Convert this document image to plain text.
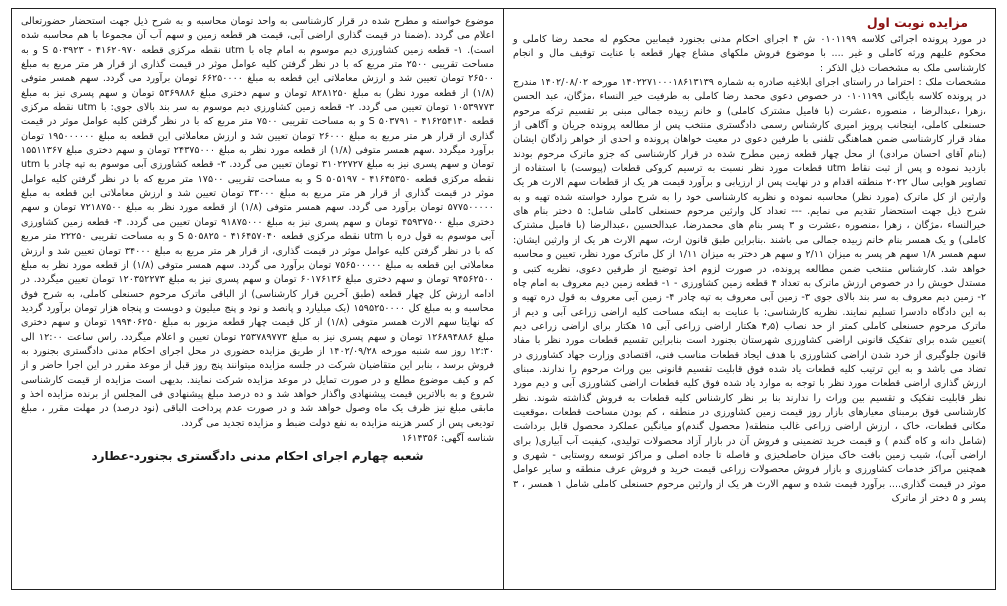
مزایده نوبت اول

در مورد پرونده اجرائی کلاسه ۰۱۰۱۱۹۹ ش ۴ اجرای احکام مدنی بجنورد فیمابین محکوم له محمد رضا کاملی و محکوم علیهم ورثه کاملی و غیر .... با موضوع فروش ملکهای مشاع چهار قطعه با عنایت توقیف مال و انجام کارشناسی ملک به مشخصات ذیل الذکر :

مشخصات ملک : احتراما در راستای اجرای ابلاغیه صادره به شماره ۱۴۰۲۲۷۱۰۰۰۱۸۶۱۳۱۳۹ مورخه ۱۴۰۲/۰۸/۰۲ مندرج در پرونده کلاسه بایگانی ۰۱۰۱۱۹۹ در خصوص دعوی محمد رضا کاملی به طرفیت خیر النساء ،مژگان، عبد الحسن ،زهرا ،عبدالرضا ، منصوره ،عشرت (با فامیل مشترک کاملی) و خانم زبیده جمالی مبنی بر تقسیم ترکه مرحوم حسنعلی کاملی، اینجانب پرویز امیری کارشناس رسمی دادگستری منتخب پس از مطالعه پرونده جریان و آگاهی از مفاد قرار کارشناسی ضمن هماهنگی تلفنی با طرفین دعوی در معیت خواهان پرونده و احدی از خواهر زادگان ایشان (بنام آقای احسان مرادی) از محل چهار قطعه زمین مطرح شده در قرار کارشناسی که جزو ماترک مرحوم بودند بازدید نموده و پس از ثبت نقاط utm قطعات مورد نظر نسبت به ترسیم کروکی قطعات (پیوست) با استفاده از تصاویر هوایی سال ۲۰۲۲ منطقه اقدام و در نهایت پس از ارزیابی و برآورد قیمت هر یک از قطعات سهم الارث هر یک وارثین از کل ماترک (مورد نظر) محاسبه نموده و نظریه کارشناسی خود را به شرح موارد خواسته شده تهیه و به شرح ذیل جهت استحضار تقدیم می نمایم. --- تعداد کل وارثین مرحوم حسنعلی کاملی شامل: ۵ دختر بنام های خیرالنساء ،مژگان ، زهرا ،منصوره ،عشرت و ۳ پسر بنام های محمدرضا، عبدالحسین ،عبدالرضا (با فامیل مشترک کاملی) و یک همسر بنام خانم زبیده جمالی می باشند .بنابراین طبق قانون ارث، سهم الارث هر یک از وارثین ایشان: سهم همسر ۱/۸ سهم هر پسر به میزان ۲/۱۱ و سهم هر دختر به میزان ۱/۱۱ از کل ماترک مورد نظر، تعیین و محاسبه خواهد شد. کارشناس منتخب ضمن مطالعه پرونده، در صورت لزوم اخذ توضیح از طرفین دعوی، نظریه کتبی و مستدل خویش را در خصوص ارزش ماترک به تعداد ۴ قطعه زمین کشاورزی - ۱- قطعه زمین دیم معروف به امام چاه ۲- زمین دیم معروف به سر بند بالای جوی ۳- زمین آبی معروف به تپه چادر ۴- زمین آبی معروف به قول دره تهیه و به این دادگاه دادسرا تسلیم نمایند. نظریه کارشناسی: با عنایت به اینکه مساحت کلیه اراضی زراعی آبی و دیم از ماترک مرحوم حسنعلی کاملی کمتر از حد نصاب (۴٫۵ هکتار اراضی زراعی آبی ۱۵ هکتار برای اراضی زراعی دیم )تعیین شده برای تفکیک قانونی اراضی کشاورزی شهرستان بجنورد است بنابراین تقسیم قطعات مورد نظر با مفاد قانون جلوگیری از خرد شدن اراضی کشاورزی با هدف ایجاد قطعات مناسب فنی، اقتصادی وزارت جهاد کشاورزی در تضاد می باشد و به این ترتیب کلیه قطعات یاد شده فوق قابلیت تقسیم قانونی بین وراث مرحوم را ندارند. مبنای ارزش گذاری اراضی قطعات مورد نظر با توجه به موارد یاد شده فوق کلیه قطعات اراضی کشاورزی آبی و دیم مورد نظر قابلیت تفکیک و تقسیم بین وراث را ندارند بنا بر نظر کارشناس کلیه قطعات به فروش گذاشته شوند. نظر کارشناسی فوق برمبنای معیارهای بازار روز قیمت زمین کشاورزی در منطقه ، کم بودن مساحت قطعات ،موقعیت مکانی قطعات، خاک ، ارزش اراضی زراعی غالب منطقه( محصول گندم)و میانگین عملکرد محصول قابل برداشت (شامل دانه و کاه گندم ) و قیمت خرید تضمینی و فروش آن در بازار آزاد محصولات تولیدی، کیفیت آب آبیاری( برای اراضی آبی)، شیب زمین بافت خاک میزان حاصلخیزی و فاصله تا جاده اصلی و مراکز توسعه روستایی - شهری و همچنین مراکز خدمات کشاورزی و بازار فروش محصولات زراعی قیمت خرید و فروش عرف منطقه و سایر عوامل موثر در قیمت گذاری.... برآورد قیمت شده و سهم الارث هر یک از وارثین مرحوم حسنعلی کاملی شامل ۱ همسر ، ۳ پسر و ۵ دختر از ماترک

موضوع خواسته و مطرح شده در قرار کارشناسی به واحد تومان محاسبه و به شرح ذیل جهت استحضار حضورتعالی اعلام می گردد .(ضمنا در قیمت گذاری اراضی آبی، قیمت هر قطعه زمین و سهم آب آن مجموعا با هم محاسبه شده است). ۱- قطعه زمین کشاورزی دیم موسوم به امام چاه با utm نقطه مرکزی قطعه ۴۱۶۲۰۹۷۰ - ۵۰۳۹۲۳ S و به مساحت تقریبی ۲۵۰۰ متر مربع که با در نظر گرفتن کلیه عوامل موثر در قیمت گذاری از قرار هر متر مربع به مبلغ ۲۶۵۰۰ تومان تعیین شد و ارزش معاملاتی این قطعه به مبلغ ۶۶۲۵۰۰۰۰ تومان برآورد می گردد. سهم همسر متوفی (۱/۸) از قطعه مورد نظر) به مبلغ ۸۲۸۱۲۵۰ تومان و سهم دختری مبلغ ۵۳۶۹۸۸۶ تومان و سهم پسری نیز به مبلغ ۱۰۵۳۹۷۷۳ تومان تعیین می گردد. ۲- قطعه زمین کشاورزی دیم موسوم به سر بند بالای جوی: با utm نقطه مرکزی قطعه ۴۱۶۲۵۴۱۴۰ - ۵۰۳۷۹۱ S و به مساحت تقریبی ۷۵۰۰ متر مربع که با در نظر گرفتن کلیه عوامل موثر در قیمت گذاری از قرار هر متر مربع به مبلغ ۲۶۰۰۰ تومان تعیین شد و ارزش معاملاتی این قطعه به مبلغ ۱۹۵۰۰۰۰۰۰ تومان برآورد میگردد .سهم همسر متوفی (۱/۸) از قطعه مورد نظر به مبلغ ۲۴۳۷۵۰۰۰ تومان و سهم دختری مبلغ ۱۵۵۱۱۳۶۷ تومان و سهم پسری نیز به مبلغ ۳۱۰۲۲۷۲۷ تومان تعیین می گردد. ۳- قطعه کشاورزی آبی موسوم به تپه چادر با utm نقطه مرکزی قطعه ۴۱۶۴۵۳۵۰ - ۵۰۵۱۹۷ S و به مساحت تقریبی ۱۷۵۰۰ متر مربع که با در نظر گرفتن کلیه عوامل موثر در قیمت گذاری از قرار هر متر مربع به مبلغ ۳۳۰۰۰ تومان تعیین شد و ارزش معاملاتی این قطعه به مبلغ ۵۷۷۵۰۰۰۰۰ تومان برآورد می گردد. سهم همسر متوفی (۱/۸) از قطعه مورد نظر به مبلغ ۷۲۱۸۷۵۰۰ تومان و سهم دختری مبلغ ۴۵۹۳۷۵۰۰ تومان و سهم پسری نیز به مبلغ ۹۱۸۷۵۰۰۰ تومان تعیین می گردد. ۴- قطعه زمین کشاورزی آبی موسوم به قول دره با utm نقطه مرکزی قطعه ۴۱۶۴۵۷۰۴۰ - ۵۰۵۸۲۵ S و به مساحت تقریبی ۲۲۲۵۰ متر مربع که با در نظر گرفتن کلیه عوامل موثر در قیمت گذاری، از قرار هر متر مربع به مبلغ ۳۴۰۰۰ تومان تعیین شد و ارزش معاملاتی این قطعه به مبلغ ۷۵۶۵۰۰۰۰۰ تومان برآورد می گردد. سهم همسر متوفی (۱/۸) از قطعه مورد نظر به مبلغ ۹۴۵۶۲۵۰۰ تومان و سهم دختری مبلغ ۶۰۱۷۶۱۳۶ تومان و سهم پسری نیز به مبلغ ۱۲۰۳۵۲۲۷۳ تومان تعیین میگردد. در ادامه ارزش کل چهار قطعه (طبق آخرین قرار کارشناسی) از الباقی ماترک مرحوم حسنعلی کاملی، به شرح فوق محاسبه و به مبلغ کل ۱۵۹۵۲۵۰۰۰۰ (یک میلیارد و پانصد و نود و پنج میلیون و دویست و پنجاه هزار تومان برآورد گردید که نهایتا سهم الارث همسر متوفی (۱/۸) از کل قیمت چهار قطعه مزبور به مبلغ ۱۹۹۴۰۶۲۵۰ تومان و سهم دختری مبلغ ۱۲۶۸۹۴۸۸۶ تومان و سهم پسری نیز به مبلغ ۲۵۳۷۸۹۷۷۳ تومان تعیین و اعلام میگردد. راس ساعت ۱۲:۰۰ الی ۱۲:۳۰ روز سه شنبه مورخه ۱۴۰۲/۰۹/۲۸ از طریق مزایده حضوری در محل اجرای احکام مدنی دادگستری بجنورد به فروش برسد ، بنابر این متقاضیان شرکت در جلسه مزایده میتوانند پنج روز قبل از موعد مقرر در این اجرا حاضر و از کم و کیف موضوع مطلع و در صورت تمایل در موعد مزایده شرکت نمایند. بدیهی است مزایده از قیمت کارشناسی شروع و به بالاترین قیمت پیشنهادی واگذار خواهد شد و ده درصد مبلغ پیشنهادی فی المجلس از برنده مزایده اخذ و مابقی مبلغ نیز ظرف یک ماه وصول خواهد شد و در صورت عدم پرداخت الباقی (نود درصد) در مهلت مقرر ، مبلغ تودیعی پس از کسر هزینه مزایده به نفع دولت ضبط و مزایده تجدید می گردد.

شناسه آگهی: ۱۶۱۴۳۵۶
شعبه چهارم اجرای احکام مدنی دادگستری بجنورد-عطارد
